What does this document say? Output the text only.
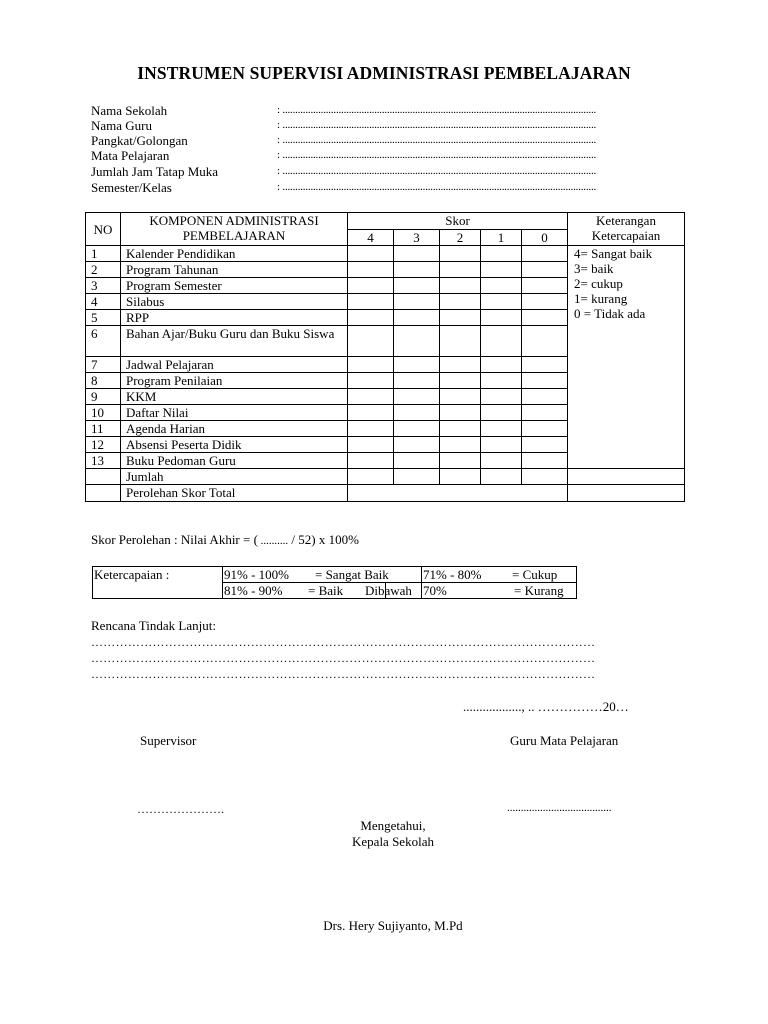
INSTRUMEN SUPERVISI ADMINISTRASI PEMBELAJARAN
Nama Sekolah	: ...........................................................................................................................
Nama Guru	: ...........................................................................................................................
Pangkat/Golongan	: ...........................................................................................................................
Mata Pelajaran	: ...........................................................................................................................
Jumlah Jam Tatap Muka	: ...........................................................................................................................
Semester/Kelas	: ...........................................................................................................................
NO	KOMPONEN ADMINISTRASI PEMBELAJARAN	Skor					Keterangan Ketercapaian
		4	3	2	1	0	
1	Kalender Pendidikan						4= Sangat baik
3= baik
2= cukup
1= kurang
0 = Tidak ada

2	Program Tahunan						
3	Program Semester						
4	Silabus						
5	RPP						
6	Bahan Ajar/Buku Guru dan Buku Siswa						
7	Jadwal Pelajaran						
8	Program Penilaian						
9	KKM						
10	Daftar Nilai						
11	Agenda Harian						
12	Absensi Peserta Didik						
13	Buku Pedoman Guru						
	Jumlah						
	Perolehan Skor Total						
Skor Perolehan : Nilai Akhir = ( .......... / 52) x 100%
Ketercapaian :	91% - 100% = Sangat Baik		71% - 80% = Cukup

	81% - 90% = Baik	Dibawah	70% = Kurang
Rencana Tindak Lanjut:
……………………………………………………………………………………………………………
……………………………………………………………………………………………………………
……………………………………………………………………………………………………………
.................., .. ……………20…
Supervisor	Guru Mata Pelajaran
………………….	......................................
Mengetahui,
Kepala Sekolah
Drs. Hery Sujiyanto, M.Pd
